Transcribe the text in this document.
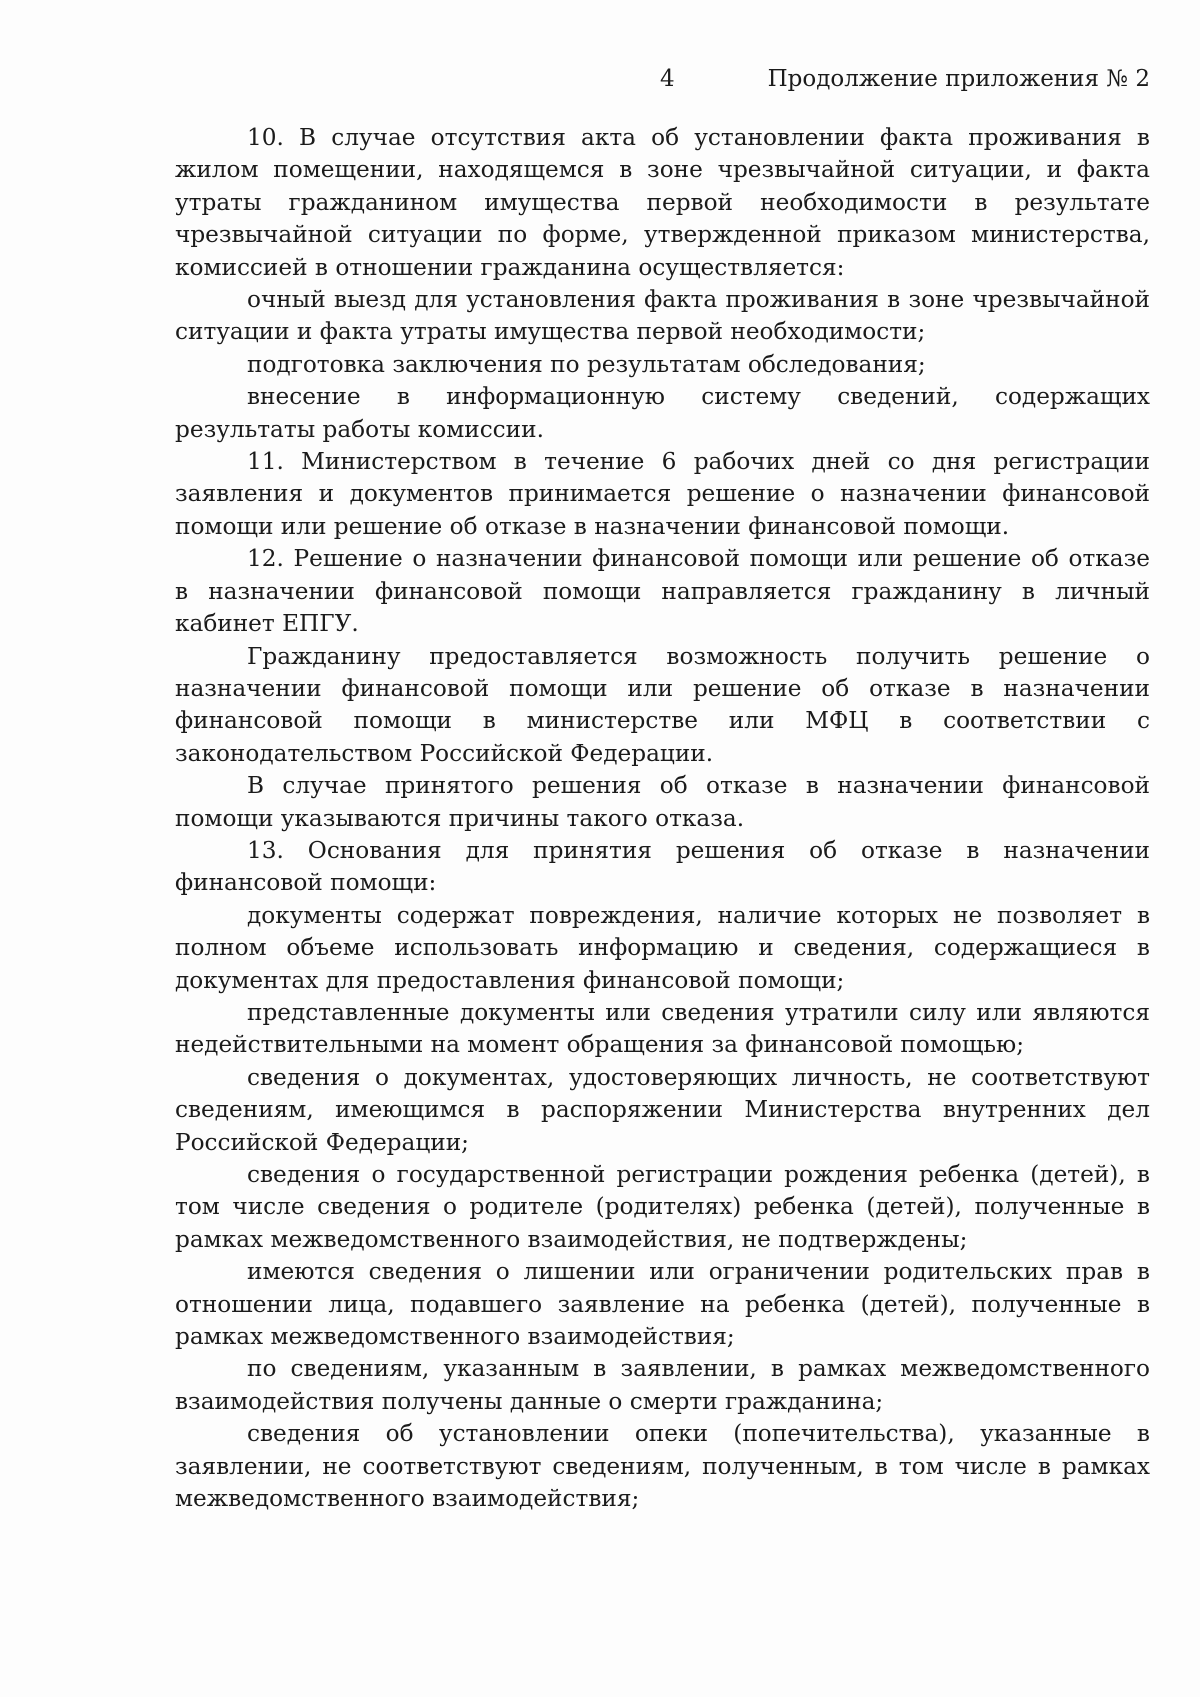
4	Продолжение приложения № 2

10. В случае отсутствия акта об установлении факта проживания в жилом помещении, находящемся в зоне чрезвычайной ситуации, и факта утраты гражданином имущества первой необходимости в результате чрезвычайной ситуации по форме, утвержденной приказом министерства, комиссией в отношении гражданина осуществляется:

очный выезд для установления факта проживания в зоне чрезвычайной ситуации и факта утраты имущества первой необходимости;

подготовка заключения по результатам обследования;

внесение в информационную систему сведений, содержащих результаты работы комиссии.

11. Министерством в течение 6 рабочих дней со дня регистрации заявления и документов принимается решение о назначении финансовой помощи или решение об отказе в назначении финансовой помощи.

12. Решение о назначении финансовой помощи или решение об отказе в назначении финансовой помощи направляется гражданину в личный кабинет ЕПГУ.

Гражданину предоставляется возможность получить решение о назначении финансовой помощи или решение об отказе в назначении финансовой помощи в министерстве или МФЦ в соответствии с законодательством Российской Федерации.

В случае принятого решения об отказе в назначении финансовой помощи указываются причины такого отказа.

13. Основания для принятия решения об отказе в назначении финансовой помощи:

документы содержат повреждения, наличие которых не позволяет в полном объеме использовать информацию и сведения, содержащиеся в документах для предоставления финансовой помощи;

представленные документы или сведения утратили силу или являются недействительными на момент обращения за финансовой помощью;

сведения о документах, удостоверяющих личность, не соответствуют сведениям, имеющимся в распоряжении Министерства внутренних дел Российской Федерации;

сведения о государственной регистрации рождения ребенка (детей), в том числе сведения о родителе (родителях) ребенка (детей), полученные в рамках межведомственного взаимодействия, не подтверждены;

имеются сведения о лишении или ограничении родительских прав в отношении лица, подавшего заявление на ребенка (детей), полученные в рамках межведомственного взаимодействия;

по сведениям, указанным в заявлении, в рамках межведомственного взаимодействия получены данные о смерти гражданина;

сведения об установлении опеки (попечительства), указанные в заявлении, не соответствуют сведениям, полученным, в том числе в рамках межведомственного взаимодействия;
